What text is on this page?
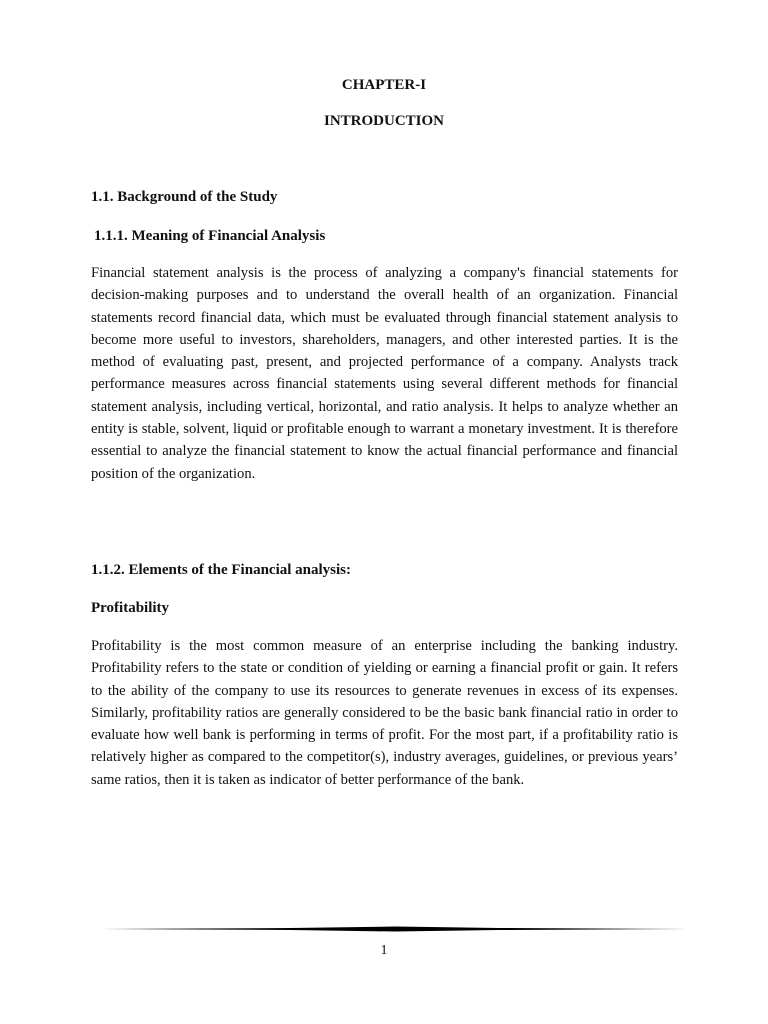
CHAPTER-I
INTRODUCTION
1.1. Background of the Study
1.1.1. Meaning of Financial Analysis

Financial statement analysis is the process of analyzing a company's financial statements for decision-making purposes and to understand the overall health of an organization. Financial statements record financial data, which must be evaluated through financial statement analysis to become more useful to investors, shareholders, managers, and other interested parties. It is the method of evaluating past, present, and projected performance of a company. Analysts track performance measures across financial statements using several different methods for financial statement analysis, including vertical, horizontal, and ratio analysis. It helps to analyze whether an entity is stable, solvent, liquid or profitable enough to warrant a monetary investment. It is therefore essential to analyze the financial statement to know the actual financial performance and financial position of the organization.

1.1.2. Elements of the Financial analysis:
Profitability

Profitability is the most common measure of an enterprise including the banking industry. Profitability refers to the state or condition of yielding or earning a financial profit or gain. It refers to the ability of the company to use its resources to generate revenues in excess of its expenses. Similarly, profitability ratios are generally considered to be the basic bank financial ratio in order to evaluate how well bank is performing in terms of profit. For the most part, if a profitability ratio is relatively higher as compared to the competitor(s), industry averages, guidelines, or previous years’ same ratios, then it is taken as indicator of better performance of the bank.

1
